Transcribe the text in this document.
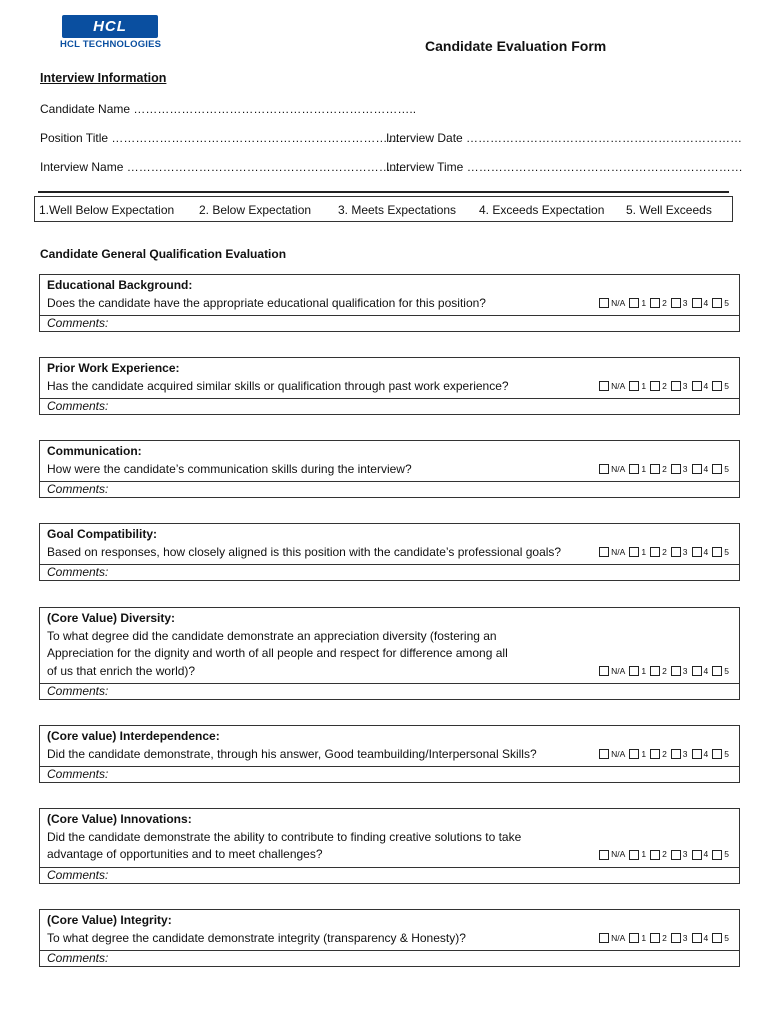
HCL
HCL TECHNOLOGIES	Candidate Evaluation Form
Interview Information
Candidate Name ……………………………………………………………..
Position Title ………………………………………………………………..
Interview Date ……………………………………………………………
Interview Name …………………………………………………………….
Interview Time ……………………………………………………………
1.Well Below Expectation 2. Below Expectation 3. Meets Expectations 4. Exceeds Expectation 5. Well Exceeds
Candidate General Qualification Evaluation
Educational Background:
Does the candidate have the appropriate educational qualification for this position?	N/A 1 2 3 4 5
Comments:
Prior Work Experience:
Has the candidate acquired similar skills or qualification through past work experience?	N/A 1 2 3 4 5
Comments:
Communication:
How were the candidate’s communication skills during the interview?	N/A 1 2 3 4 5
Comments:
Goal Compatibility:
Based on responses, how closely aligned is this position with the candidate’s professional goals?	N/A 1 2 3 4 5
Comments:
(Core Value) Diversity:
To what degree did the candidate demonstrate an appreciation diversity (fostering an
Appreciation for the dignity and worth of all people and respect for difference among all
of us that enrich the world)?	N/A 1 2 3 4 5
Comments:
(Core value) Interdependence:
Did the candidate demonstrate, through his answer, Good teambuilding/Interpersonal Skills?	N/A 1 2 3 4 5
Comments:
(Core Value) Innovations:
Did the candidate demonstrate the ability to contribute to finding creative solutions to take
advantage of opportunities and to meet challenges?	N/A 1 2 3 4 5
Comments:
(Core Value) Integrity:
To what degree the candidate demonstrate integrity (transparency & Honesty)?	N/A 1 2 3 4 5
Comments:
